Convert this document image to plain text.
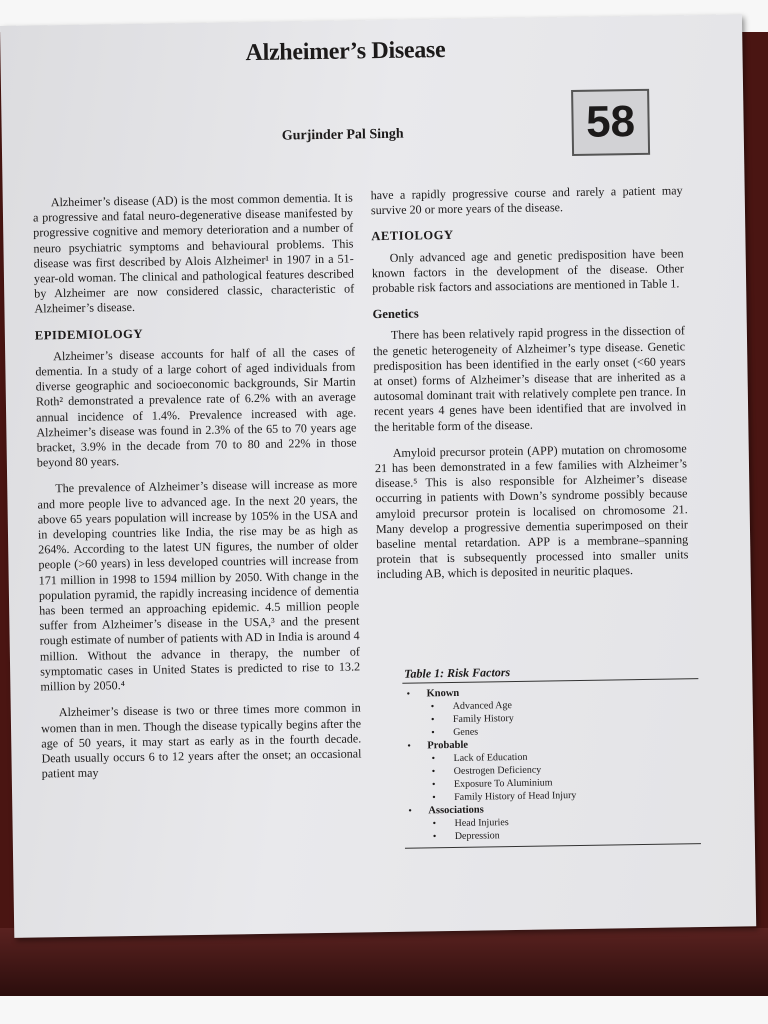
Alzheimer’s Disease
Gurjinder Pal Singh	58

Alzheimer’s disease (AD) is the most common dementia. It is a progressive and fatal neuro-degenerative disease manifested by progressive cognitive and memory deterioration and a number of neuro psychiatric symptoms and behavioural problems. This disease was first described by Alois Alzheimer¹ in 1907 in a 51-year-old woman. The clinical and pathological features described by Alzheimer are now considered classic, characteristic of Alzheimer’s disease.

EPIDEMIOLOGY

Alzheimer’s disease accounts for half of all the cases of dementia. In a study of a large cohort of aged individuals from diverse geographic and socioeconomic backgrounds, Sir Martin Roth² demonstrated a prevalence rate of 6.2% with an average annual incidence of 1.4%. Prevalence increased with age. Alzheimer’s disease was found in 2.3% of the 65 to 70 years age bracket, 3.9% in the decade from 70 to 80 and 22% in those beyond 80 years.

The prevalence of Alzheimer’s disease will increase as more and more people live to advanced age. In the next 20 years, the above 65 years population will increase by 105% in the USA and in developing countries like India, the rise may be as high as 264%. According to the latest UN figures, the number of older people (>60 years) in less developed countries will increase from 171 million in 1998 to 1594 million by 2050. With change in the population pyramid, the rapidly increasing incidence of dementia has been termed an approaching epidemic. 4.5 million people suffer from Alzheimer’s disease in the USA,³ and the present rough estimate of number of patients with AD in India is around 4 million. Without the advance in therapy, the number of symptomatic cases in United States is predicted to rise to 13.2 million by 2050.⁴

Alzheimer’s disease is two or three times more common in women than in men. Though the disease typically begins after the age of 50 years, it may start as early as in the fourth decade. Death usually occurs 6 to 12 years after the onset; an occasional patient may

have a rapidly progressive course and rarely a patient may survive 20 or more years of the disease.

AETIOLOGY

Only advanced age and genetic predisposition have been known factors in the development of the disease. Other probable risk factors and associations are mentioned in Table 1.

Genetics

There has been relatively rapid progress in the dissection of the genetic heterogeneity of Alzheimer’s type disease. Genetic predisposition has been identified in the early onset (<60 years at onset) forms of Alzheimer’s disease that are inherited as a autosomal dominant trait with relatively complete pen trance. In recent years 4 genes have been identified that are involved in the heritable form of the disease.

Amyloid precursor protein (APP) mutation on chromosome 21 has been demonstrated in a few families with Alzheimer’s disease.⁵ This is also responsible for Alzheimer’s disease occurring in patients with Down’s syndrome possibly because amyloid precursor protein is localised on chromosome 21. Many develop a progressive dementia superimposed on their baseline mental retardation. APP is a membrane–spanning protein that is subsequently processed into smaller units including AB, which is deposited in neuritic plaques.

Table 1: Risk Factors
• Known
• Advanced Age
• Family History
• Genes
• Probable
• Lack of Education
• Oestrogen Deficiency
• Exposure To Aluminium
• Family History of Head Injury
• Associations
• Head Injuries
• Depression
